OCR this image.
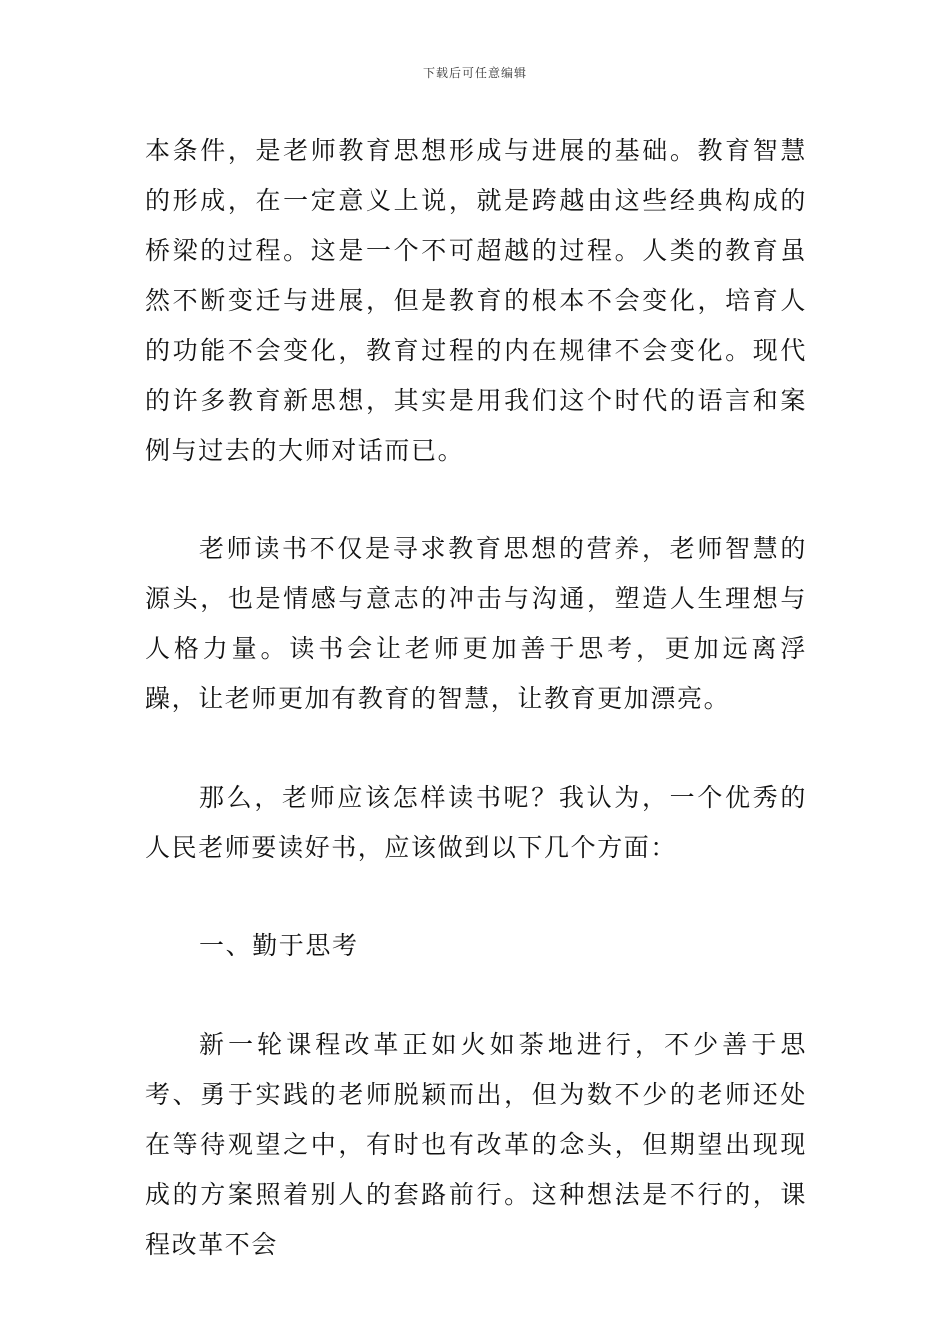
下载后可任意编辑

本条件，是老师教育思想形成与进展的基础。教育智慧的形成，在一定意义上说，就是跨越由这些经典构成的桥梁的过程。这是一个不可超越的过程。人类的教育虽然不断变迁与进展，但是教育的根本不会变化，培育人的功能不会变化，教育过程的内在规律不会变化。现代的许多教育新思想，其实是用我们这个时代的语言和案例与过去的大师对话而已。

老师读书不仅是寻求教育思想的营养，老师智慧的源头，也是情感与意志的冲击与沟通，塑造人生理想与人格力量。读书会让老师更加善于思考，更加远离浮躁，让老师更加有教育的智慧，让教育更加漂亮。

那么，老师应该怎样读书呢？我认为，一个优秀的人民老师要读好书，应该做到以下几个方面：

一、勤于思考

新一轮课程改革正如火如荼地进行，不少善于思考、勇于实践的老师脱颖而出，但为数不少的老师还处在等待观望之中，有时也有改革的念头，但期望出现现成的方案照着别人的套路前行。这种想法是不行的，课程改革不会
